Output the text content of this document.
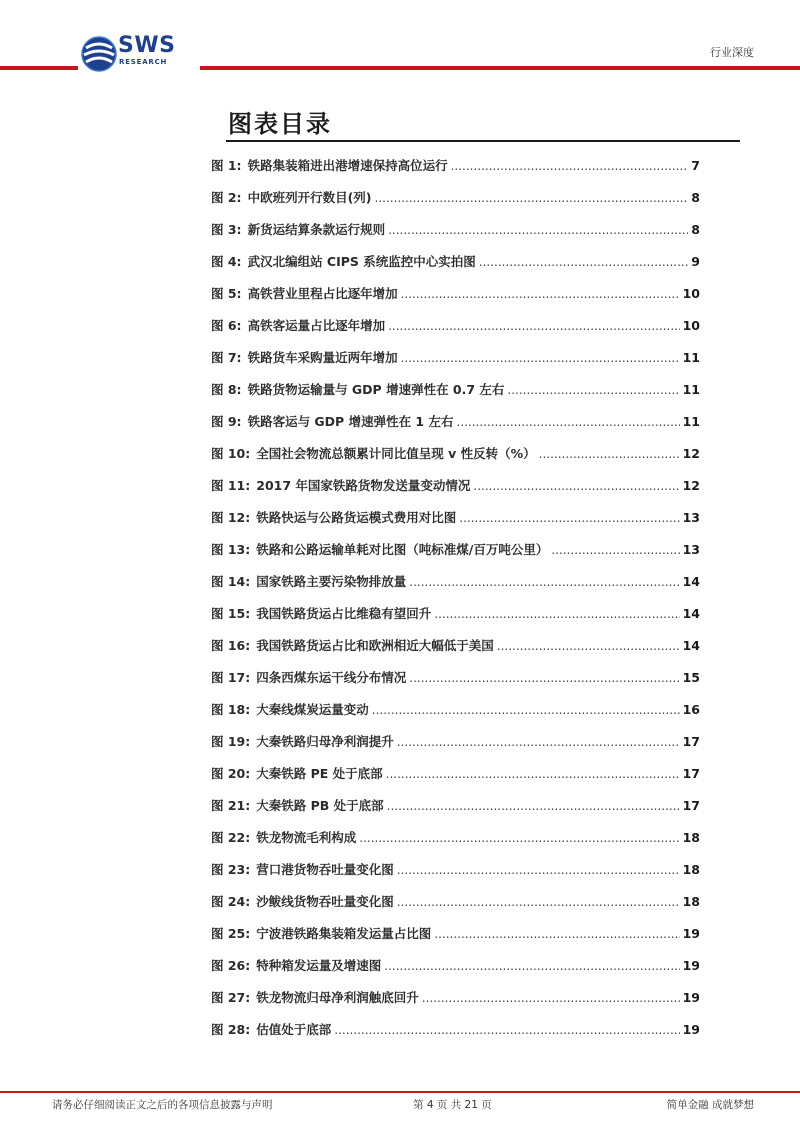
SWS
RESEARCH
行业深度
图表目录
图 1: 铁路集装箱进出港增速保持高位运行 .....	7
图 2: 中欧班列开行数目(列) .....	8
图 3: 新货运结算条款运行规则 .....	8
图 4: 武汉北编组站 CIPS 系统监控中心实拍图 .....	9
图 5: 高铁营业里程占比逐年增加 .....	10
图 6: 高铁客运量占比逐年增加 .....	10
图 7: 铁路货车采购量近两年增加 .....	11
图 8: 铁路货物运输量与 GDP 增速弹性在 0.7 左右 .....	11
图 9: 铁路客运与 GDP 增速弹性在 1 左右 .....	11
图 10: 全国社会物流总额累计同比值呈现 v 性反转（%） .....	12
图 11: 2017 年国家铁路货物发送量变动情况 .....	12
图 12: 铁路快运与公路货运模式费用对比图 .....	13
图 13: 铁路和公路运输单耗对比图（吨标准煤/百万吨公里） .....	13
图 14: 国家铁路主要污染物排放量 .....	14
图 15: 我国铁路货运占比维稳有望回升 .....	14
图 16: 我国铁路货运占比和欧洲相近大幅低于美国 .....	14
图 17: 四条西煤东运干线分布情况 .....	15
图 18: 大秦线煤炭运量变动 .....	16
图 19: 大秦铁路归母净利润提升 .....	17
图 20: 大秦铁路 PE 处于底部 .....	17
图 21: 大秦铁路 PB 处于底部 .....	17
图 22: 铁龙物流毛利构成 .....	18
图 23: 营口港货物吞吐量变化图 .....	18
图 24: 沙鲅线货物吞吐量变化图 .....	18
图 25: 宁波港铁路集装箱发运量占比图 .....	19
图 26: 特种箱发运量及增速图 .....	19
图 27: 铁龙物流归母净利润触底回升 .....	19
图 28: 估值处于底部 .....	19
请务必仔细阅读正文之后的各项信息披露与声明	第 4 页 共 21 页	简单金融 成就梦想
